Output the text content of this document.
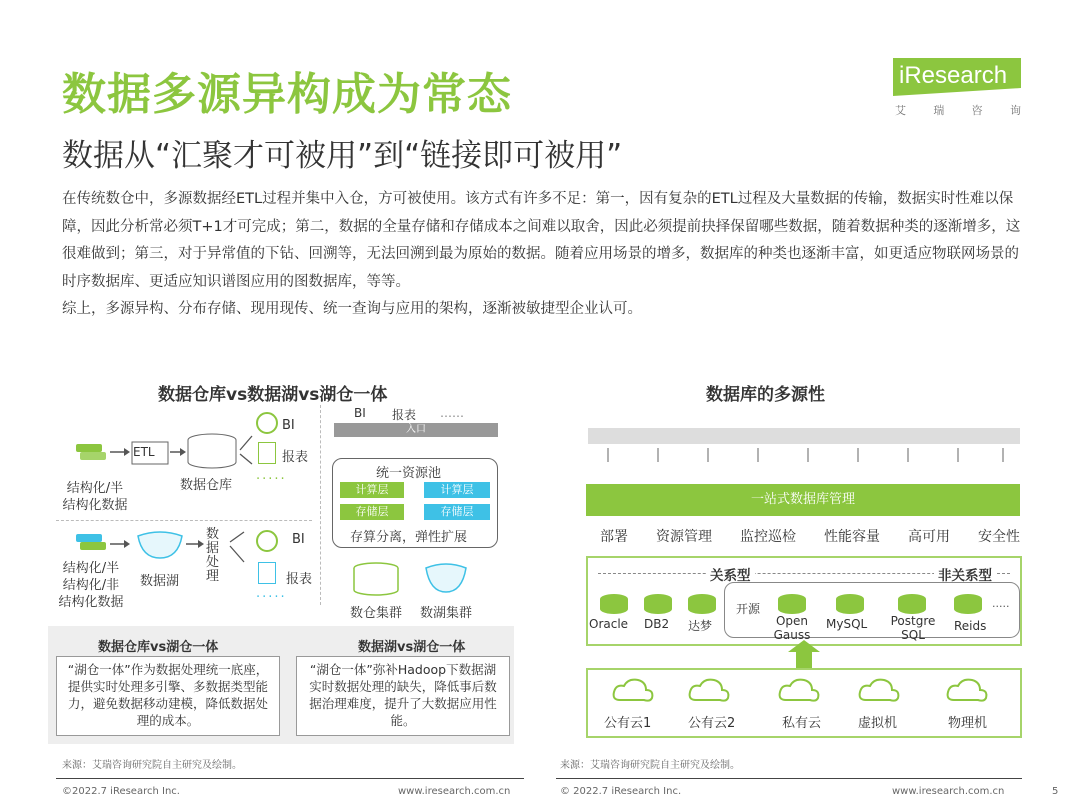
数据多源异构成为常态
数据从“汇聚才可被用”到“链接即可被用”
iResearch
艾 瑞 咨 询
在传统数仓中，多源数据经ETL过程并集中入仓，方可被使用。该方式有许多不足：第一，因有复杂的ETL过程及大量数据的传输，数据实时性难以保障，因此分析常必须T+1才可完成；第二，数据的全量存储和存储成本之间难以取舍，因此必须提前抉择保留哪些数据，随着数据种类的逐渐增多，这很难做到；第三，对于异常值的下钻、回溯等，无法回溯到最为原始的数据。随着应用场景的增多，数据库的种类也逐渐丰富，如更适应物联网场景的时序数据库、更适应知识谱图应用的图数据库，等等。
综上，多源异构、分布存储、现用现传、统一查询与应用的架构，逐渐被敏捷型企业认可。
数据仓库vs数据湖vs湖仓一体
ETL
BI
报表
·····
结构化/半
结构化数据
数据仓库
数据处理
BI
报表
·····
结构化/半
结构化/非
结构化数据
数据湖
BI 报表 ……
入口
统一资源池
计算层	计算层
存储层	存储层
存算分离，弹性扩展
数仓集群 数湖集群
数据仓库vs湖仓一体	数据湖vs湖仓一体
“湖仓一体”作为数据处理统一底座，提供实时处理多引擎、多数据类型能力，避免数据移动建模，降低数据处理的成本。
“湖仓一体”弥补Hadoop下数据湖实时数据处理的缺失，降低事后数据治理难度，提升了大数据应用性能。
来源：艾瑞咨询研究院自主研究及绘制。
©2022.7 iResearch Inc.	www.iresearch.com.cn
数据库的多源性
一站式数据库管理
部署 资源管理 监控巡检 性能容量 高可用 安全性
关系型	非关系型
Oracle DB2 达梦
开源	·····
Open Gauss
MySQL	Postgre SQL
Reids
公有云1	公有云2	私有云	虚拟机	物理机
来源：艾瑞咨询研究院自主研究及绘制。
© 2022.7 iResearch Inc.	www.iresearch.com.cn	5
